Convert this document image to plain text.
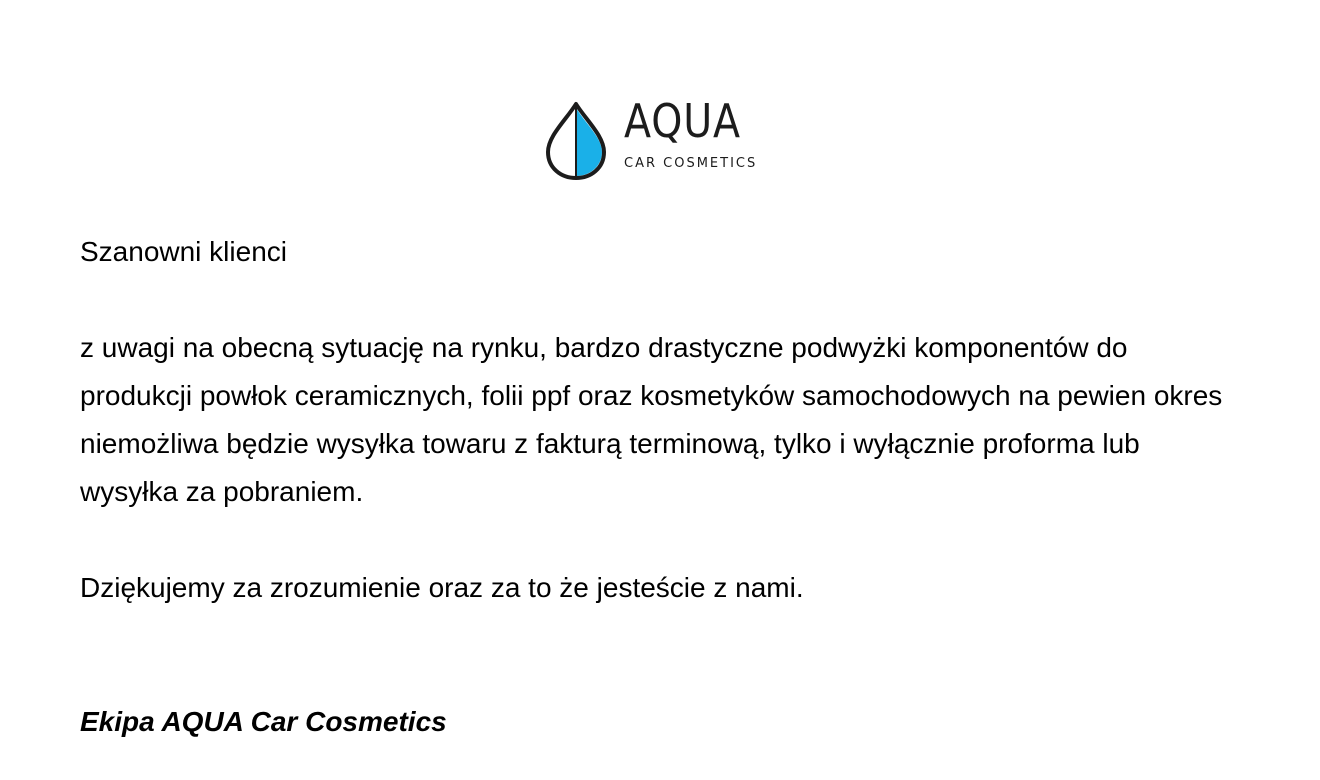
AQUA
CAR COSMETICS

Szanowni klienci

z uwagi na obecną sytuację na rynku, bardzo drastyczne podwyżki komponentów do produkcji powłok ceramicznych, folii ppf oraz kosmetyków samochodowych na pewien okres niemożliwa będzie wysyłka towaru z fakturą terminową, tylko i wyłącznie proforma lub wysyłka za pobraniem.

Dziękujemy za zrozumienie oraz za to że jesteście z nami.

Ekipa AQUA Car Cosmetics
